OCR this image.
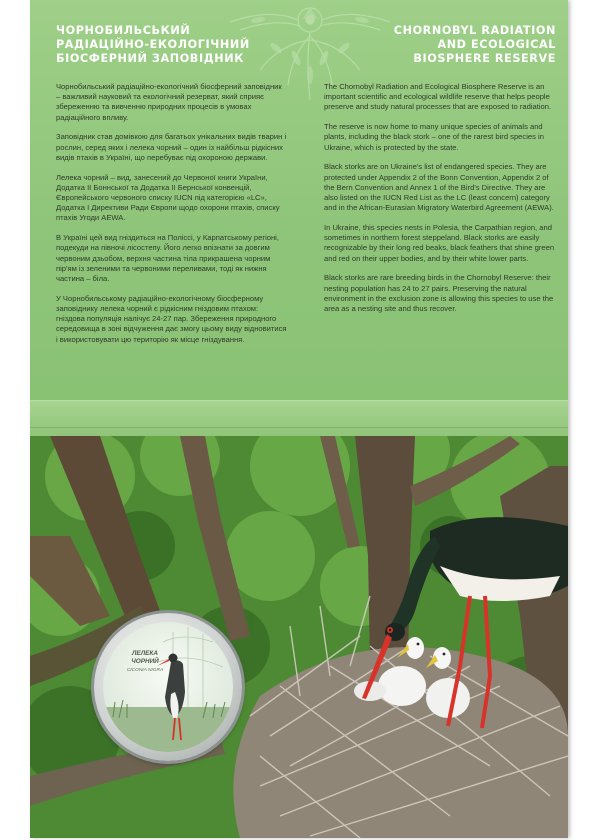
ЧОРНОБИЛЬСЬКИЙ
РАДІАЦІЙНО-ЕКОЛОГІЧНИЙ
БІОСФЕРНИЙ ЗАПОВІДНИК

Чорнобильський радіаційно-екологічний біосферний заповідник – важливий науковий та екологічний резерват, який сприяє збереженню та вивченню природних процесів в умовах радіаційного впливу.

Заповідник став домівкою для багатьох унікальних видів тварин і рослин, серед яких і лелека чорний – один із найбільш рідкісних видів птахів в Україні, що перебуває під охороною держави.

Лелека чорний – вид, занесений до Червоної книги України, Додатка II Боннської та Додатка II Бернської конвенцій, Європейського червоного списку IUCN під категорією «LC», Додатка I Директиви Ради Європи щодо охорони птахів, списку птахів Угоди AEWA.

В Україні цей вид гніздиться на Поліссі, у Карпатському регіоні, подекуди на півночі лісостепу. Його легко впізнати за довгим червоним дзьобом, верхня частина тіла прикрашена чорним пір'ям із зеленими та червоними переливами, тоді як нижня частина – біла.

У Чорнобильському радіаційно-екологічному біосферному заповіднику лелека чорний є рідкісним гніздовим птахом: гніздова популяція налічує 24-27 пар. Збереження природного середовища в зоні відчуження дає змогу цьому виду відновитися і використовувати цю територію як місце гніздування.

CHORNOBYL RADIATION
AND ECOLOGICAL
BIOSPHERE RESERVE

The Chornobyl Radiation and Ecological Biosphere Reserve is an important scientific and ecological wildlife reserve that helps people preserve and study natural processes that are exposed to radiation.

The reserve is now home to many unique species of animals and plants, including the black stork – one of the rarest bird species in Ukraine, which is protected by the state.

Black storks are on Ukraine's list of endangered species. They are protected under Appendix 2 of the Bonn Convention, Appendix 2 of the Bern Convention and Annex 1 of the Bird's Directive. They are also listed on the IUCN Red List as the LC (least concern) category and in the African-Eurasian Migratory Waterbird Agreement (AEWA).

In Ukraine, this species nests in Polesia, the Carpathian region, and sometimes in northern forest steppeland. Black storks are easily recognizable by their long red beaks, black feathers that shine green and red on their upper bodies, and by their white lower parts.

Black storks are rare breeding birds in the Chornobyl Reserve: their nesting population has 24 to 27 pairs. Preserving the natural environment in the exclusion zone is allowing this species to use the area as a nesting site and thus recover.

ЛЕЛЕКА
ЧОРНИЙ
CICONIA NIGRA
